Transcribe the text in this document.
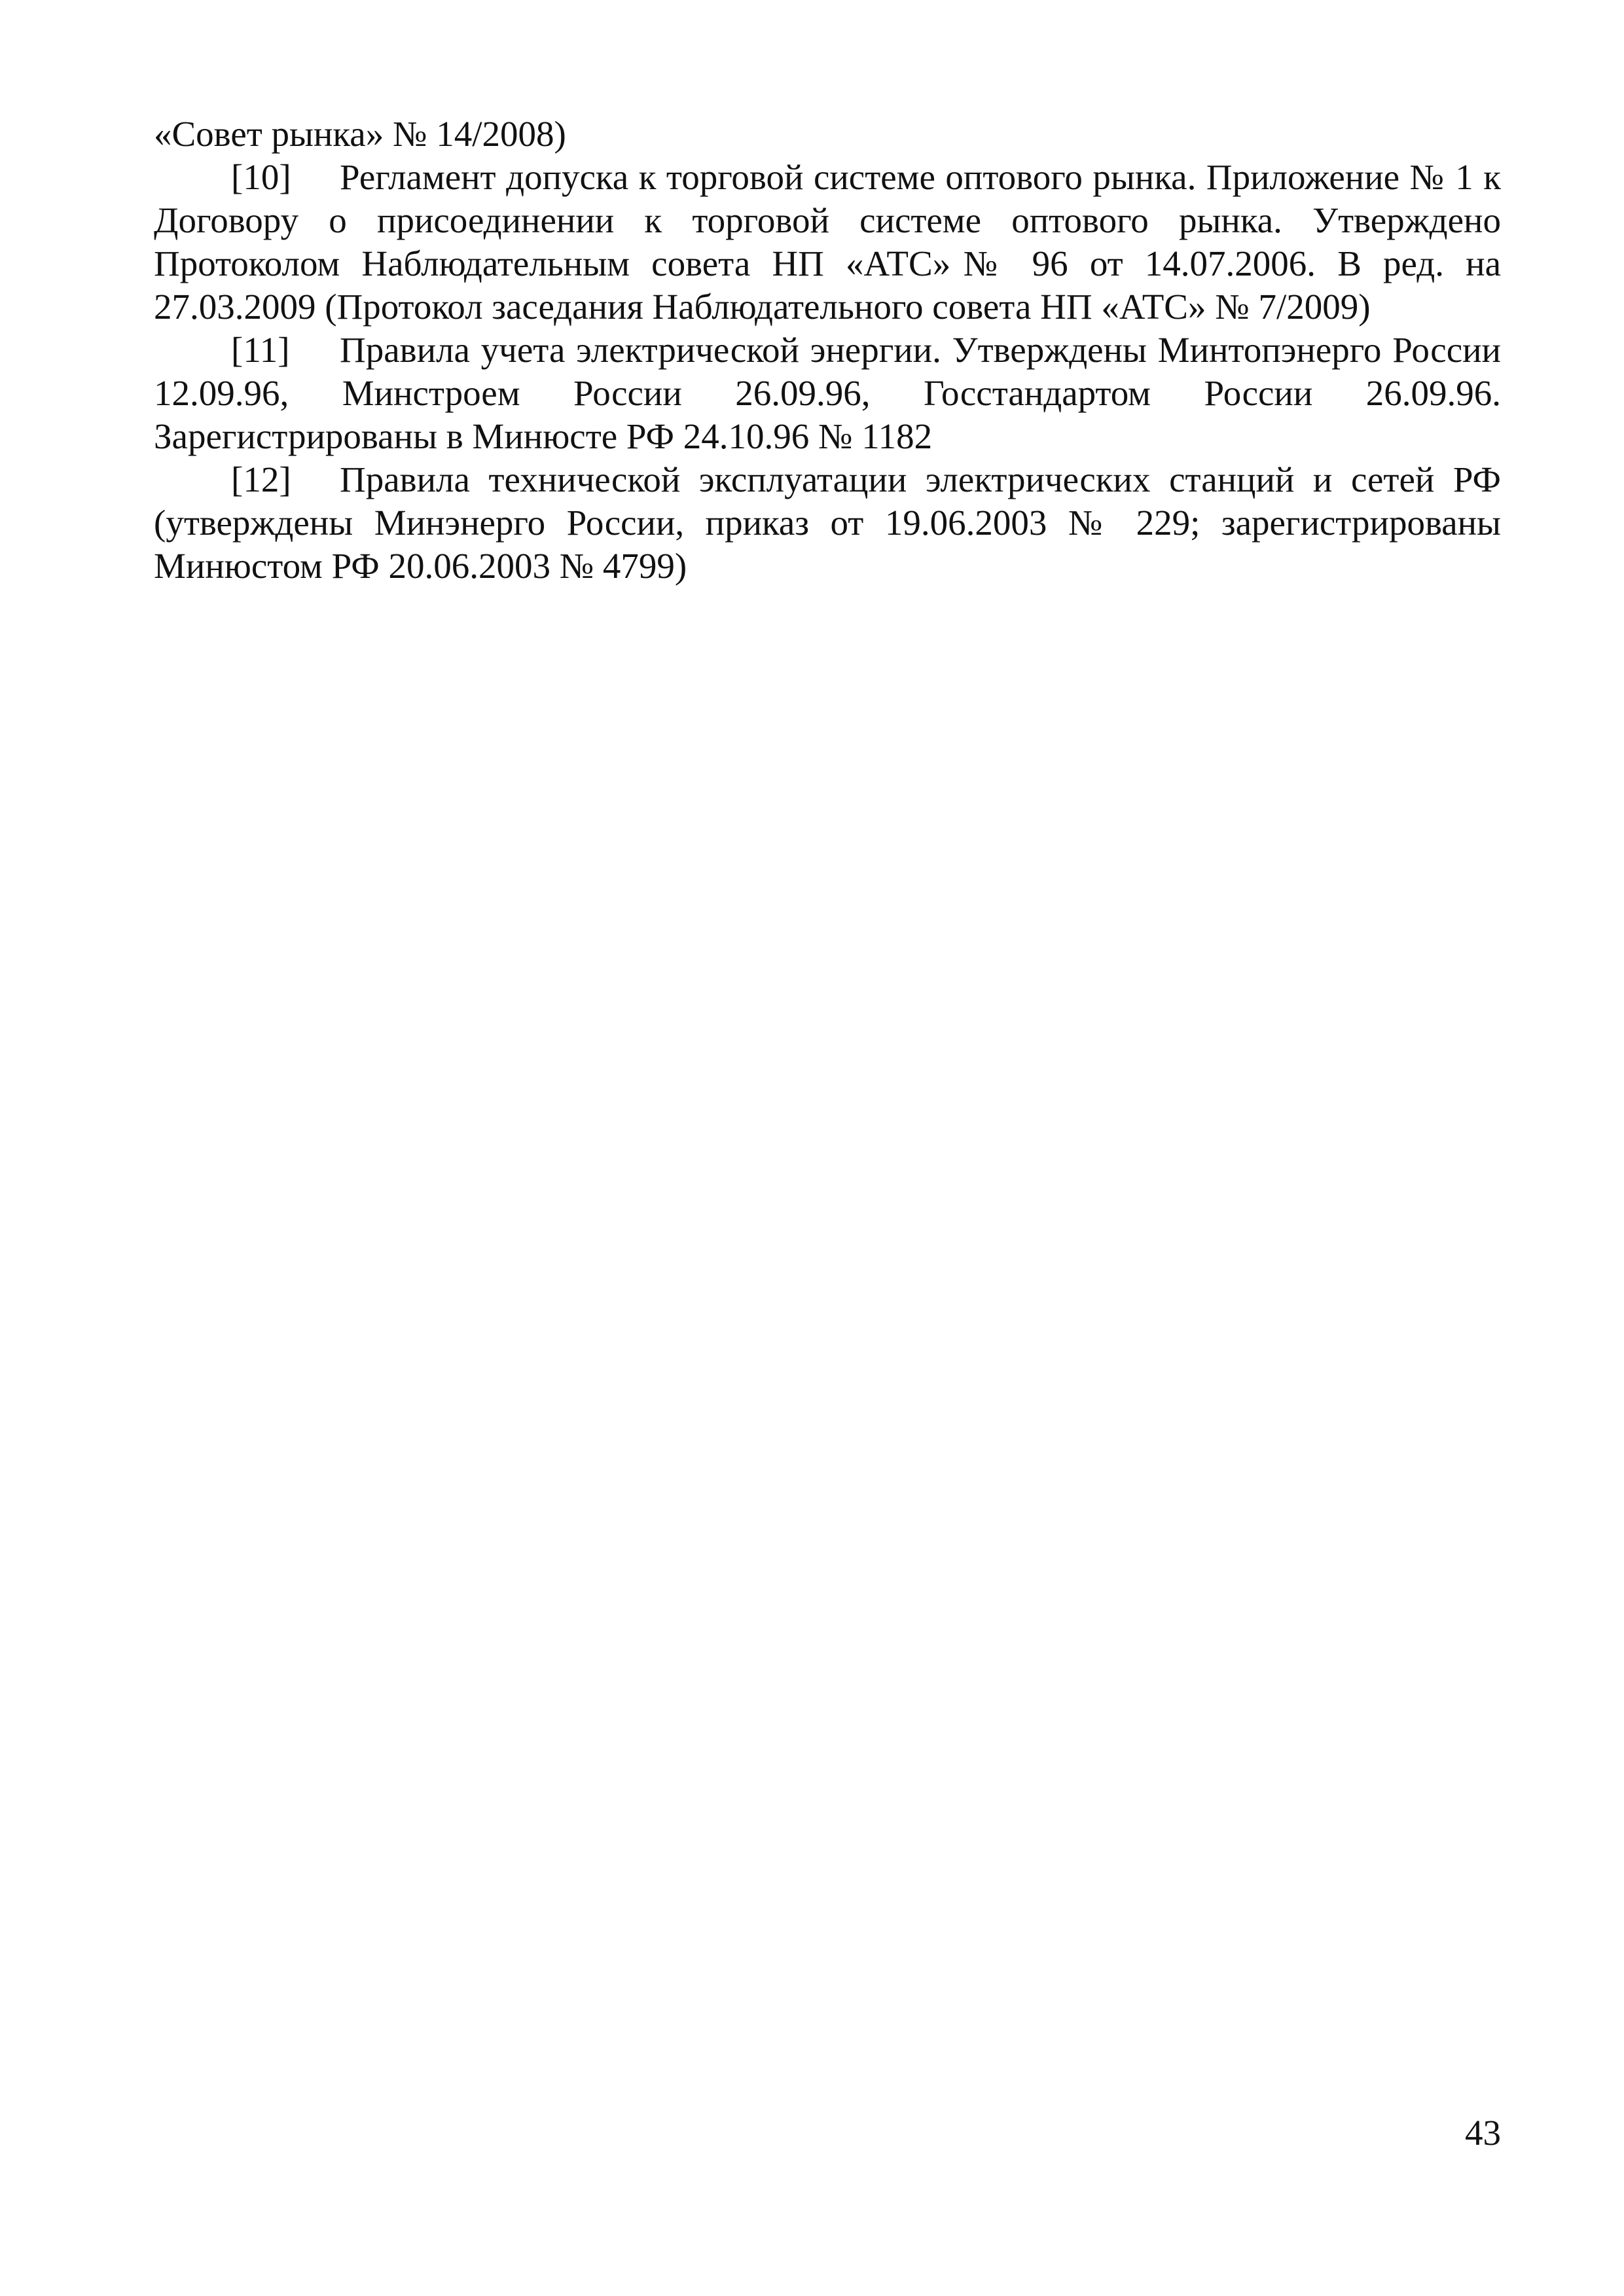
«Совет рынка» № 14/2008)

[10] Регламент допуска к торговой системе оптового рынка. Приложение № 1 к Договору о присоединении к торговой системе оптового рынка. Утверждено Протоколом Наблюдательным совета НП «АТС»№ 96 от 14.07.2006. В ред. на 27.03.2009 (Протокол заседания Наблюдательного совета НП «АТС» № 7/2009)

[11] Правила учета электрической энергии. Утверждены Минтопэнерго России 12.09.96, Минстроем России 26.09.96, Госстандартом России 26.09.96. Зарегистрированы в Минюсте РФ 24.10.96 № 1182

[12] Правила технической эксплуатации электрических станций и сетей РФ (утверждены Минэнерго России, приказ от 19.06.2003 № 229; зарегистрированы Минюстом РФ 20.06.2003 № 4799)

43
